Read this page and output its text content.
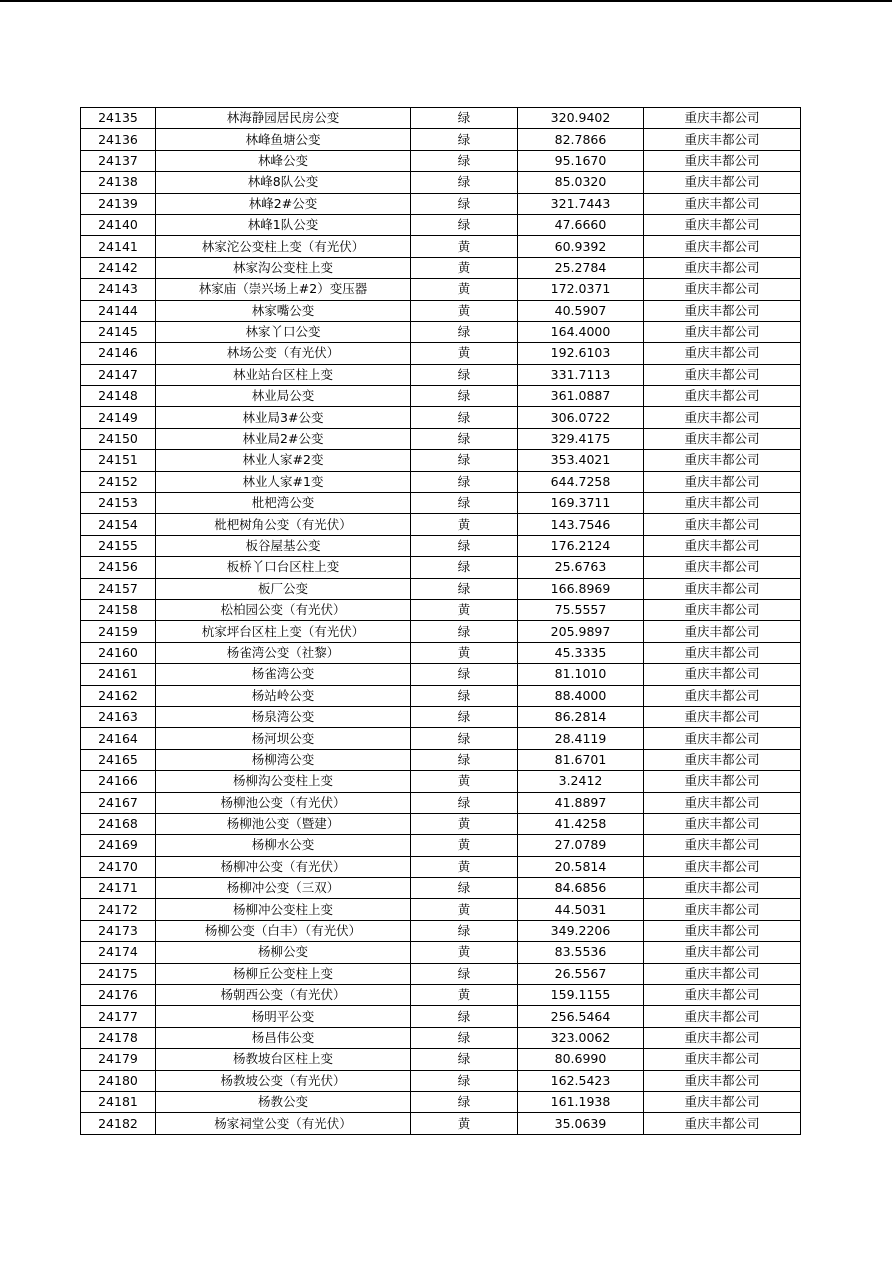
24135	林海静园居民房公变	绿	320.9402	重庆丰都公司
24136	林峰鱼塘公变	绿	82.7866	重庆丰都公司
24137	林峰公变	绿	95.1670	重庆丰都公司
24138	林峰8队公变	绿	85.0320	重庆丰都公司
24139	林峰2#公变	绿	321.7443	重庆丰都公司
24140	林峰1队公变	绿	47.6660	重庆丰都公司
24141	林家沱公变柱上变（有光伏）	黄	60.9392	重庆丰都公司
24142	林家沟公变柱上变	黄	25.2784	重庆丰都公司
24143	林家庙（崇兴场上#2）变压器	黄	172.0371	重庆丰都公司
24144	林家嘴公变	黄	40.5907	重庆丰都公司
24145	林家丫口公变	绿	164.4000	重庆丰都公司
24146	林场公变（有光伏）	黄	192.6103	重庆丰都公司
24147	林业站台区柱上变	绿	331.7113	重庆丰都公司
24148	林业局公变	绿	361.0887	重庆丰都公司
24149	林业局3#公变	绿	306.0722	重庆丰都公司
24150	林业局2#公变	绿	329.4175	重庆丰都公司
24151	林业人家#2变	绿	353.4021	重庆丰都公司
24152	林业人家#1变	绿	644.7258	重庆丰都公司
24153	枇杷湾公变	绿	169.3711	重庆丰都公司
24154	枇杷树角公变（有光伏）	黄	143.7546	重庆丰都公司
24155	板谷屋基公变	绿	176.2124	重庆丰都公司
24156	板桥丫口台区柱上变	绿	25.6763	重庆丰都公司
24157	板厂公变	绿	166.8969	重庆丰都公司
24158	松柏园公变（有光伏）	黄	75.5557	重庆丰都公司
24159	杭家坪台区柱上变（有光伏）	绿	205.9897	重庆丰都公司
24160	杨雀湾公变（社黎）	黄	45.3335	重庆丰都公司
24161	杨雀湾公变	绿	81.1010	重庆丰都公司
24162	杨站岭公变	绿	88.4000	重庆丰都公司
24163	杨泉湾公变	绿	86.2814	重庆丰都公司
24164	杨河坝公变	绿	28.4119	重庆丰都公司
24165	杨柳湾公变	绿	81.6701	重庆丰都公司
24166	杨柳沟公变柱上变	黄	3.2412	重庆丰都公司
24167	杨柳池公变（有光伏）	绿	41.8897	重庆丰都公司
24168	杨柳池公变（暨建）	黄	41.4258	重庆丰都公司
24169	杨柳水公变	黄	27.0789	重庆丰都公司
24170	杨柳冲公变（有光伏）	黄	20.5814	重庆丰都公司
24171	杨柳冲公变（三双）	绿	84.6856	重庆丰都公司
24172	杨柳冲公变柱上变	黄	44.5031	重庆丰都公司
24173	杨柳公变（白丰）（有光伏）	绿	349.2206	重庆丰都公司
24174	杨柳公变	黄	83.5536	重庆丰都公司
24175	杨柳丘公变柱上变	绿	26.5567	重庆丰都公司
24176	杨朝西公变（有光伏）	黄	159.1155	重庆丰都公司
24177	杨明平公变	绿	256.5464	重庆丰都公司
24178	杨昌伟公变	绿	323.0062	重庆丰都公司
24179	杨教坡台区柱上变	绿	80.6990	重庆丰都公司
24180	杨教坡公变（有光伏）	绿	162.5423	重庆丰都公司
24181	杨教公变	绿	161.1938	重庆丰都公司
24182	杨家祠堂公变（有光伏）	黄	35.0639	重庆丰都公司
